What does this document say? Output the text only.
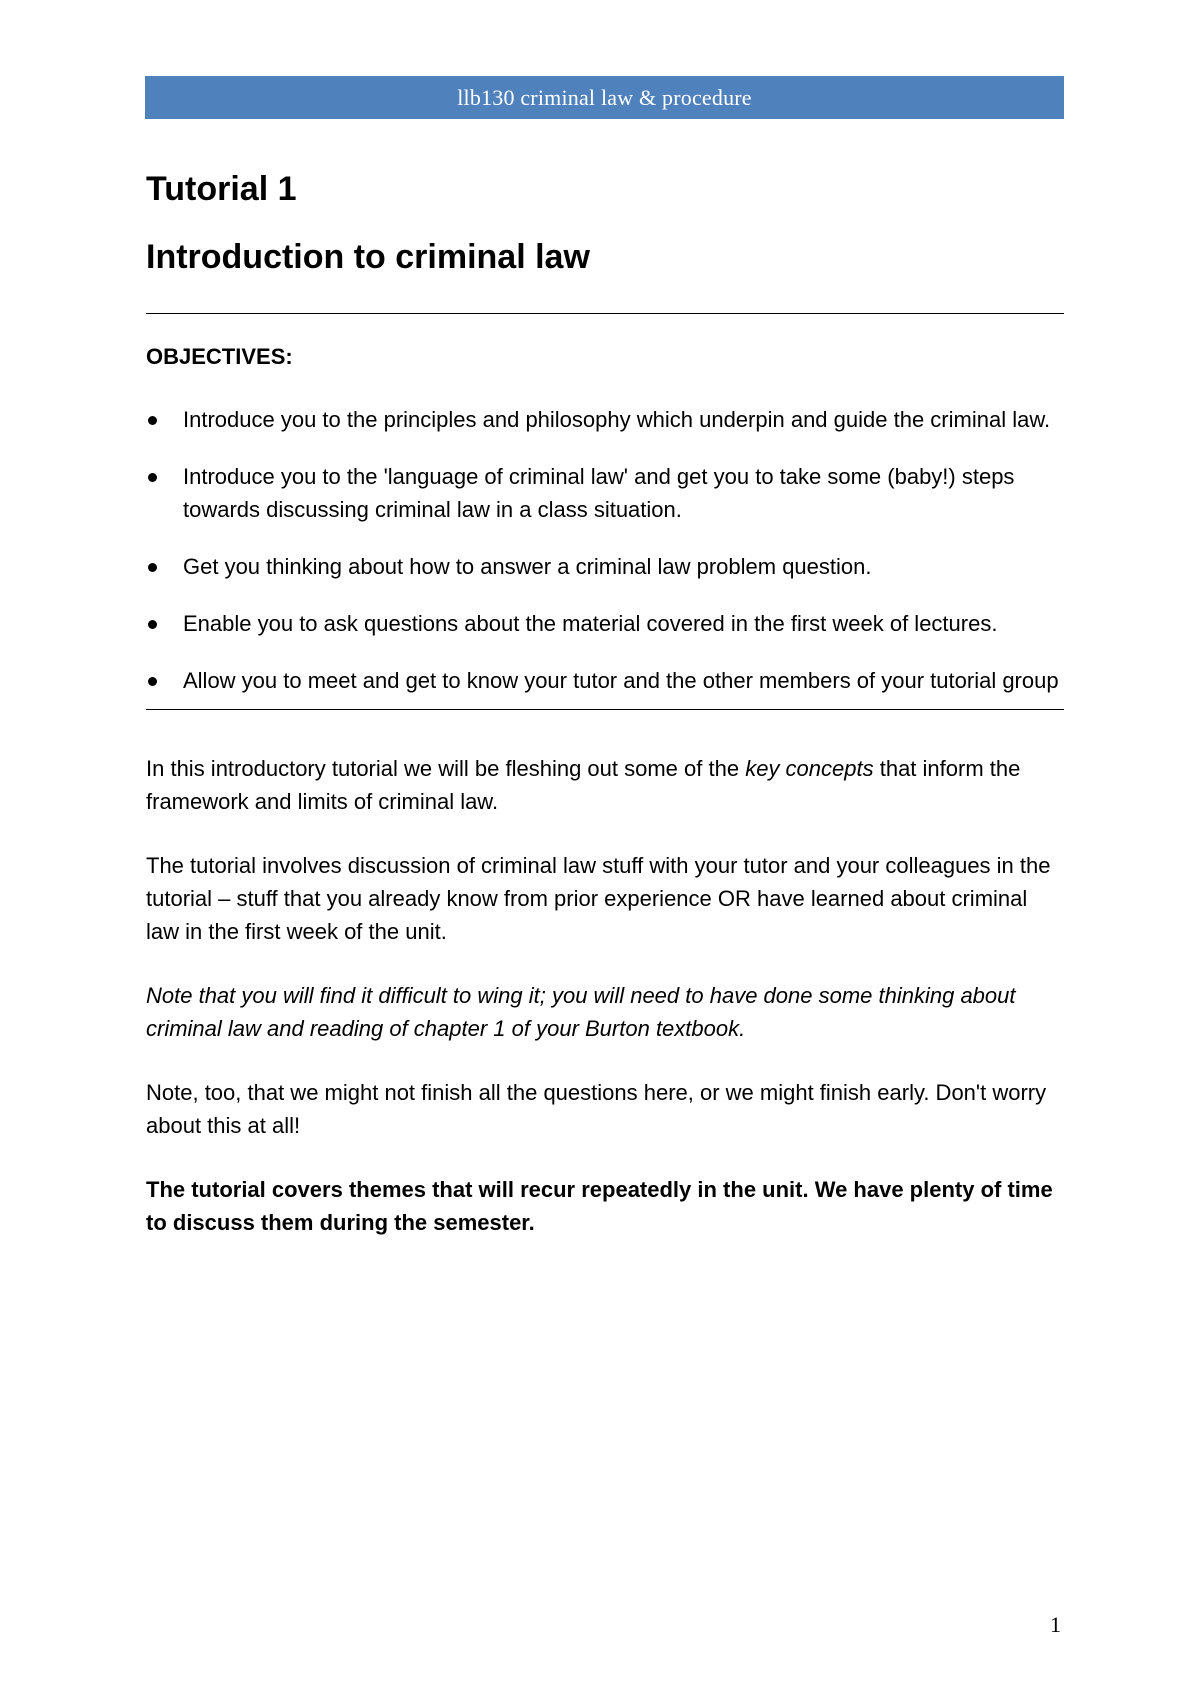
llb130 criminal law & procedure
Tutorial 1
Introduction to criminal law

OBJECTIVES:

Introduce you to the principles and philosophy which underpin and guide the criminal law.
Introduce you to the 'language of criminal law' and get you to take some (baby!) steps towards discussing criminal law in a class situation.
Get you thinking about how to answer a criminal law problem question.
Enable you to ask questions about the material covered in the first week of lectures.
Allow you to meet and get to know your tutor and the other members of your tutorial group

In this introductory tutorial we will be fleshing out some of the key concepts that inform the framework and limits of criminal law.

The tutorial involves discussion of criminal law stuff with your tutor and your colleagues in the tutorial – stuff that you already know from prior experience OR have learned about criminal law in the first week of the unit.

Note that you will find it difficult to wing it; you will need to have done some thinking about criminal law and reading of chapter 1 of your Burton textbook.

Note, too, that we might not finish all the questions here, or we might finish early. Don't worry about this at all!

The tutorial covers themes that will recur repeatedly in the unit. We have plenty of time to discuss them during the semester.

1
